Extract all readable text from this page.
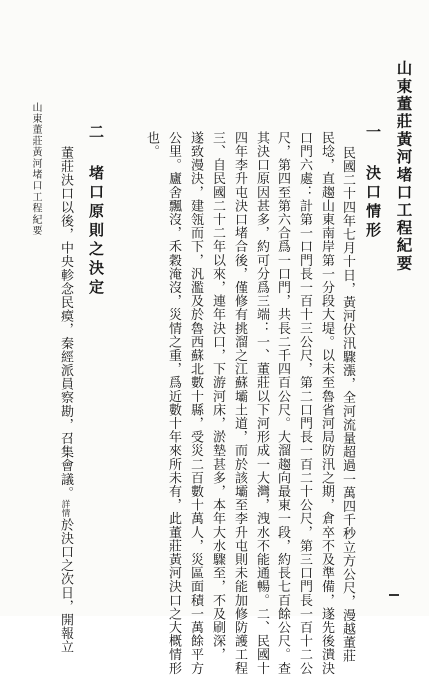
山東董莊黃河堵口工程紀要
一決口情形
民國二十四年七月十日，黃河伏汛驟漲，全河流量超過一萬四千秒立方公尺，漫越董莊
民埝，直趨山東南岸第一分段大堤。以未至魯省河局防汛之期，倉卒不及準備，遂先後潰決
口門六處：計第一口門長一百十三公尺，第二口門長一百二十公尺，第三口門長一百十二公
尺，第四至第六合爲一口門，共長二千四百公尺。大溜趨向最東一段，約長七百餘公尺。查
其決口原因甚多，約可分爲三端：一、董莊以下河形成一大灣，洩水不能通暢。二、民國十
四年李升屯決口堵合後，僅修有挑溜之江蘇壩土道，而於該壩至李升屯則未能加修防護工程
三、自民國二十二年以來，連年決口，下游河床，淤墊甚多，本年大水驟至，不及刷深，
遂致漫決，建瓴而下，汎濫及於魯西蘇北數十縣，受災二百數十萬人，災區面積一萬餘平方
公里。廬舍飄沒，禾穀淹沒，災情之重，爲近數十年來所未有，此董莊黃河決口之大概情形
也。
二堵口原則之決定
董莊決口以後，中央軫念民瘼，秦經派員察勘，召集會議。詳情於決口之次日，開報立
山東董莊黃河堵口工程紀要
